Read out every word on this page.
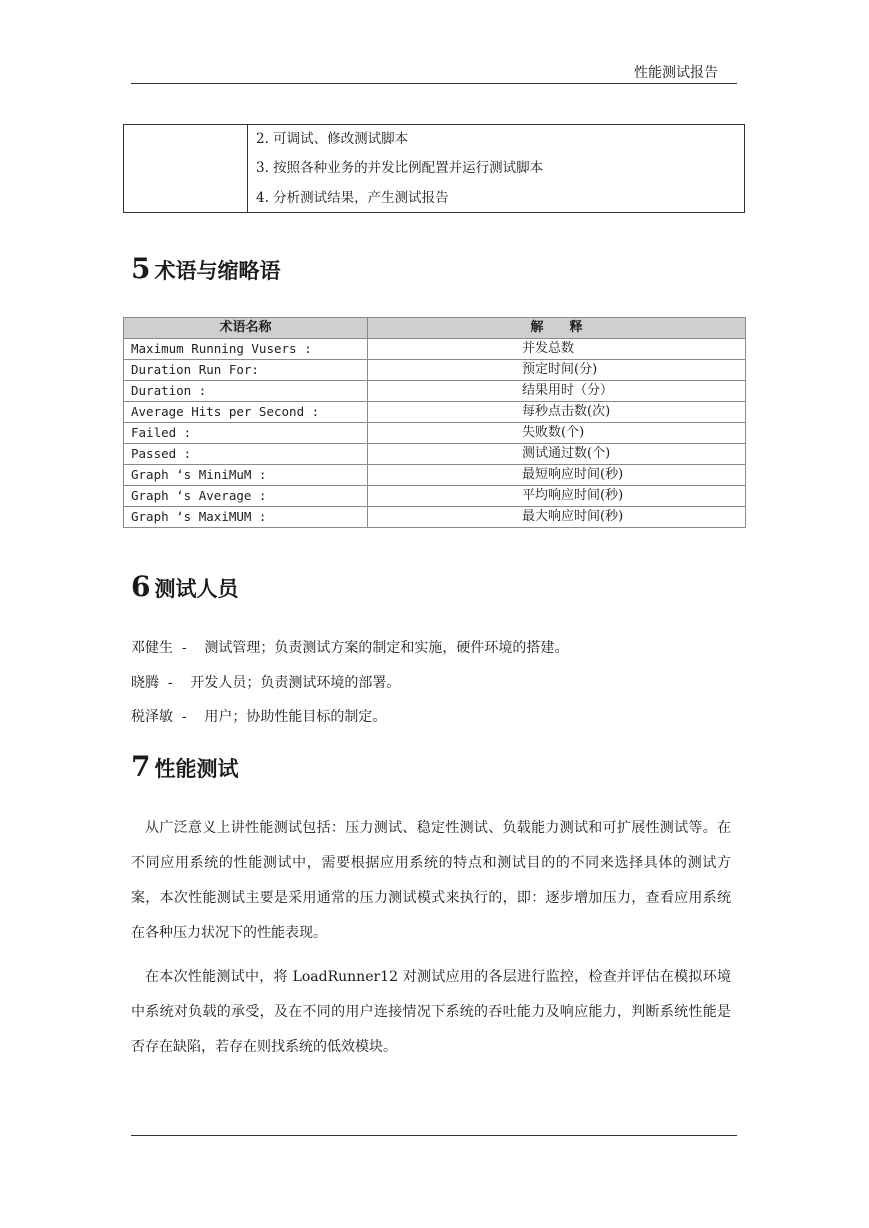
性能测试报告
2. 可调试、修改测试脚本
3. 按照各种业务的并发比例配置并运行测试脚本
4. 分析测试结果，产生测试报告
5 术语与缩略语
术语名称	解　　释
Maximum Running Vusers :	并发总数
Duration Run For:	预定时间(分)
Duration :	结果用时（分）
Average Hits per Second :	每秒点击数(次)
Failed :	失败数(个)
Passed :	测试通过数(个)
Graph ‘s MiniMuM :	最短响应时间(秒)
Graph ‘s Average :	平均响应时间(秒)
Graph ‘s MaxiMUM :	最大响应时间(秒)
6 测试人员
邓健生  -    测试管理；负责测试方案的制定和实施，硬件环境的搭建。
晓腾  -    开发人员；负责测试环境的部署。
税泽敏  -    用户；协助性能目标的制定。
7 性能测试
从广泛意义上讲性能测试包括：压力测试、稳定性测试、负载能力测试和可扩展性测试等。在不同应用系统的性能测试中，需要根据应用系统的特点和测试目的的不同来选择具体的测试方案，本次性能测试主要是采用通常的压力测试模式来执行的，即：逐步增加压力，查看应用系统在各种压力状况下的性能表现。
在本次性能测试中，将 LoadRunner12 对测试应用的各层进行监控，检查并评估在模拟环境中系统对负载的承受，及在不同的用户连接情况下系统的吞吐能力及响应能力，判断系统性能是否存在缺陷，若存在则找系统的低效模块。
